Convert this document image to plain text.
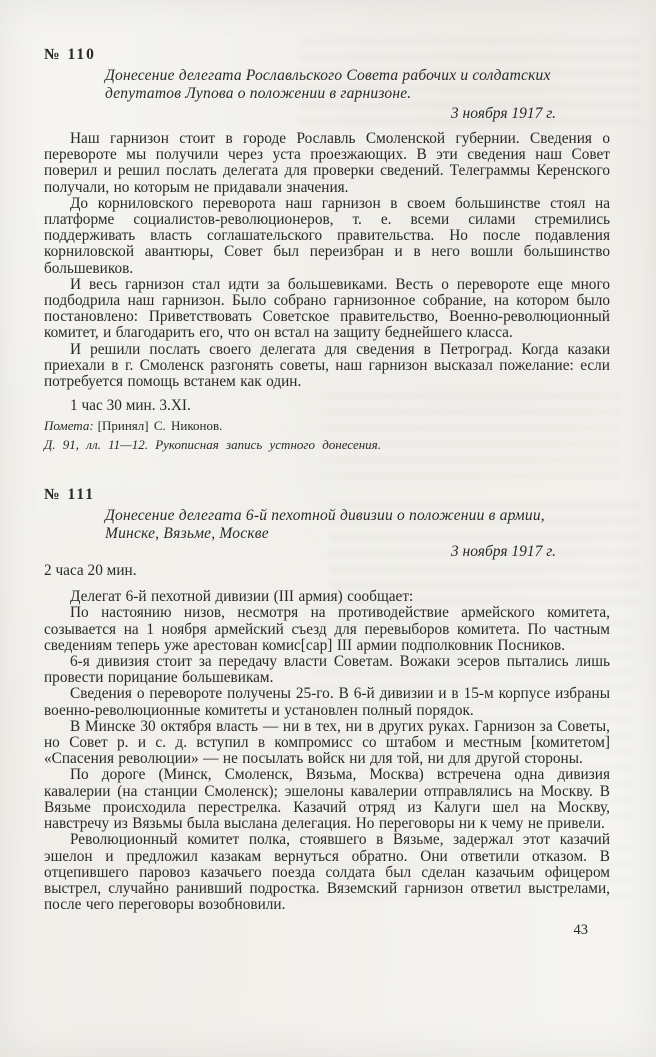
№ 110
Донесение делегата Рославльского Совета рабочих и солдатских
депутатов Лупова о положении в гарнизоне.
3 ноября 1917 г.

Наш гарнизон стоит в городе Рославль Смоленской губернии. Сведения о перевороте мы получили через уста проезжающих. В эти сведения наш Совет поверил и решил послать делегата для проверки сведений. Телеграммы Керенского получали, но которым не придавали значения.

До корниловского переворота наш гарнизон в своем большинстве стоял на платформе социалистов-революционеров, т. е. всеми силами стремились поддерживать власть соглашательского правительства. Но после подавления корниловской авантюры, Совет был переизбран и в него вошли большинство большевиков.

И весь гарнизон стал идти за большевиками. Весть о перевороте еще много подбодрила наш гарнизон. Было собрано гарнизонное собрание, на котором было постановлено: Приветствовать Советское правительство, Военно-революционный комитет, и благодарить его, что он встал на защиту беднейшего класса.

И решили послать своего делегата для сведения в Петроград. Когда казаки приехали в г. Смоленск разгонять советы, наш гарнизон высказал пожелание: если потребуется помощь встанем как один.

1 час 30 мин. 3.XI.

Помета: [Принял] С. Никонов.

Д. 91, лл. 11—12. Рукописная запись устного донесения.

№ 111
Донесение делегата 6-й пехотной дивизии о положении в армии,
Минске, Вязьме, Москве
3 ноября 1917 г.

2 часа 20 мин.

Делегат 6-й пехотной дивизии (III армия) сообщает:

По настоянию низов, несмотря на противодействие армейского комитета, созывается на 1 ноября армейский съезд для перевыборов комитета. По частным сведениям теперь уже арестован комис[сар] III армии подполковник Посников.

6-я дивизия стоит за передачу власти Советам. Вожаки эсеров пытались лишь провести порицание большевикам.

Сведения о перевороте получены 25-го. В 6-й дивизии и в 15-м корпусе избраны военно-революционные комитеты и установлен полный порядок.

В Минске 30 октября власть — ни в тех, ни в других руках. Гарнизон за Советы, но Совет р. и с. д. вступил в компромисс со штабом и местным [комитетом] «Спасения революции» — не посылать войск ни для той, ни для другой стороны.

По дороге (Минск, Смоленск, Вязьма, Москва) встречена одна дивизия кавалерии (на станции Смоленск); эшелоны кавалерии отправлялись на Москву. В Вязьме происходила перестрелка. Казачий отряд из Калуги шел на Москву, навстречу из Вязьмы была выслана делегация. Но переговоры ни к чему не привели.

Революционный комитет полка, стоявшего в Вязьме, задержал этот казачий эшелон и предложил казакам вернуться обратно. Они ответили отказом. В отцепившего паровоз казачьего поезда солдата был сделан казачьим офицером выстрел, случайно ранивший подростка. Вяземский гарнизон ответил выстрелами, после чего переговоры возобновили.

43
